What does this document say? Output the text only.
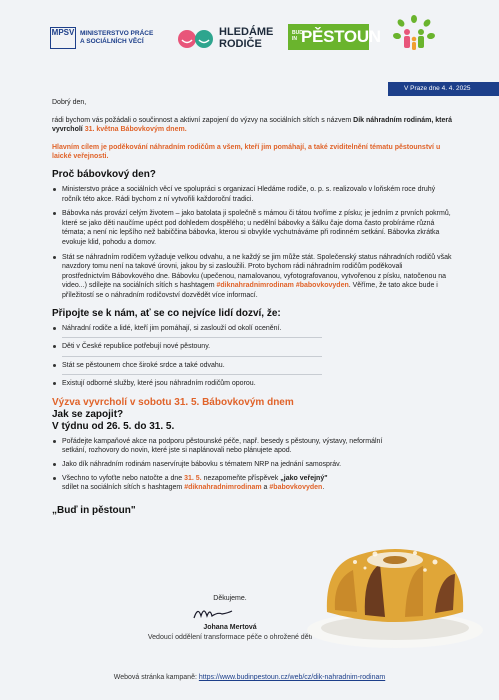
MPSV MINISTERSTVO PRÁCE
A SOCIÁLNÍCH VĚCÍ
HLEDÁME
RODIČE
BUD
IN PĚSTOUN
V Praze dne 4. 4. 2025

Dobrý den,

rádi bychom vás požádali o součinnost a aktivní zapojení do výzvy na sociálních sítích s názvem Dík náhradním rodinám, která vyvrcholí 31. května Bábovkovým dnem.

Hlavním cílem je poděkování náhradním rodičům a všem, kteří jim pomáhají, a také zviditelnění tématu pěstounství u laické veřejnosti.

Proč bábovkový den?
Ministerstvo práce a sociálních věcí ve spolupráci s organizací Hledáme rodiče, o. p. s. realizovalo v loňském roce druhý ročník této akce. Rádi bychom z ní vytvořili každoroční tradici.
Bábovka nás provází celým životem – jako batolata ji společně s mámou či tátou tvoříme z písku; je jedním z prvních pokrmů, které se jako děti naučíme upéct pod dohledem dospělého; u nedělní bábovky a šálku čaje doma často probíráme různá témata; a není nic lepšího než babiččina bábovka, kterou si obvykle vychutnáváme při rodinném setkání. Bábovka zkrátka evokuje klid, pohodu a domov.
Stát se náhradním rodičem vyžaduje velkou odvahu, a ne každý se jim může stát. Společenský status náhradních rodičů však navzdory tomu není na takové úrovni, jakou by si zasloužili. Proto bychom rádi náhradním rodičům poděkovali prostřednictvím Bábovkového dne. Bábovku (upečenou, namalovanou, vyfotografovanou, vytvořenou z písku, natočenou na video...) sdílejte na sociálních sítích s hashtagem #diknahradnimrodinam #babovkovyden. Věříme, že tato akce bude i příležitostí se o náhradním rodičovství dozvědět více informací.
Připojte se k nám, ať se co nejvíce lidí dozví, že:
Náhradní rodiče a lidé, kteří jim pomáhají, si zaslouží od okolí ocenění.
Děti v České republice potřebují nové pěstouny.
Stát se pěstounem chce široké srdce a také odvahu.
Existují odborné služby, které jsou náhradním rodičům oporou.
Výzva vyvrcholí v sobotu 31. 5. Bábovkovým dnem
Jak se zapojit?
V týdnu od 26. 5. do 31. 5.
Pořádejte kampaňové akce na podporu pěstounské péče, např. besedy s pěstouny, výstavy, neformální setkání, rozhovory do novin, které jste si naplánovali nebo plánujete apod.
Jako dík náhradním rodinám naservírujte bábovku s tématem NRP na jednání samospráv.
Všechno to vyfoťte nebo natočte a dne 31. 5. nezapomeňte příspěvek „jako veřejný" sdílet na sociálních sítích s hashtagem #diknahradnimrodinam a #babovkovyden.
„Buď in pěstoun"
Děkujeme.
Johana Mertová
Vedoucí oddělení transformace péče o ohrožené děti
Webová stránka kampaně: https://www.budinpestoun.cz/web/cz/dik-nahradnim-rodinam
